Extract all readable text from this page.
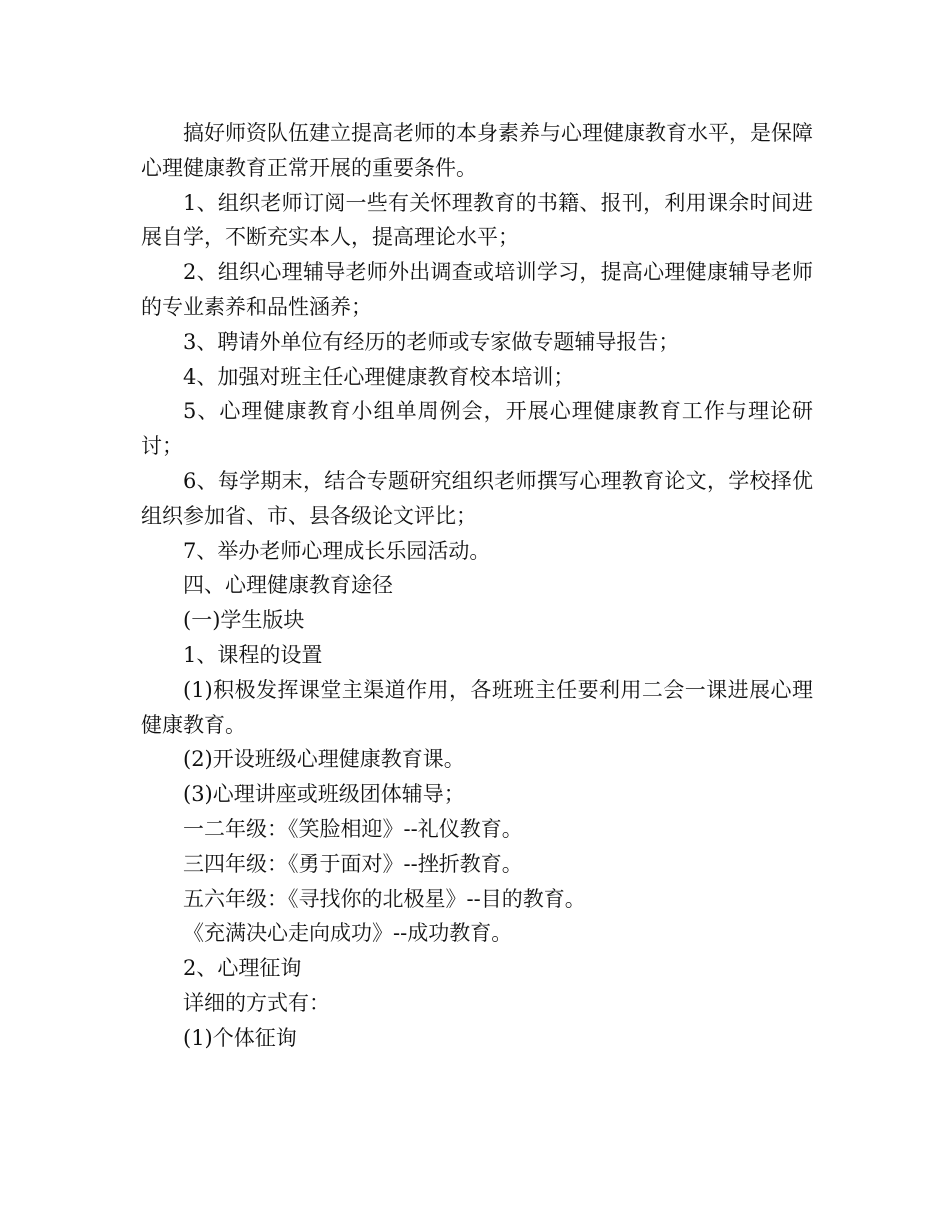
搞好师资队伍建立提高老师的本身素养与心理健康教育水平，是保障心理健康教育正常开展的重要条件。

1、组织老师订阅一些有关怀理教育的书籍、报刊，利用课余时间进展自学，不断充实本人，提高理论水平；

2、组织心理辅导老师外出调查或培训学习，提高心理健康辅导老师的专业素养和品性涵养；

3、聘请外单位有经历的老师或专家做专题辅导报告；

4、加强对班主任心理健康教育校本培训；

5、心理健康教育小组单周例会，开展心理健康教育工作与理论研讨；

6、每学期末，结合专题研究组织老师撰写心理教育论文，学校择优组织参加省、市、县各级论文评比；

7、举办老师心理成长乐园活动。

四、心理健康教育途径

(一)学生版块

1、课程的设置

(1)积极发挥课堂主渠道作用，各班班主任要利用二会一课进展心理健康教育。

(2)开设班级心理健康教育课。

(3)心理讲座或班级团体辅导；

一二年级：《笑脸相迎》--礼仪教育。

三四年级：《勇于面对》--挫折教育。

五六年级：《寻找你的北极星》--目的教育。

《充满决心走向成功》--成功教育。

2、心理征询

详细的方式有：

(1)个体征询
